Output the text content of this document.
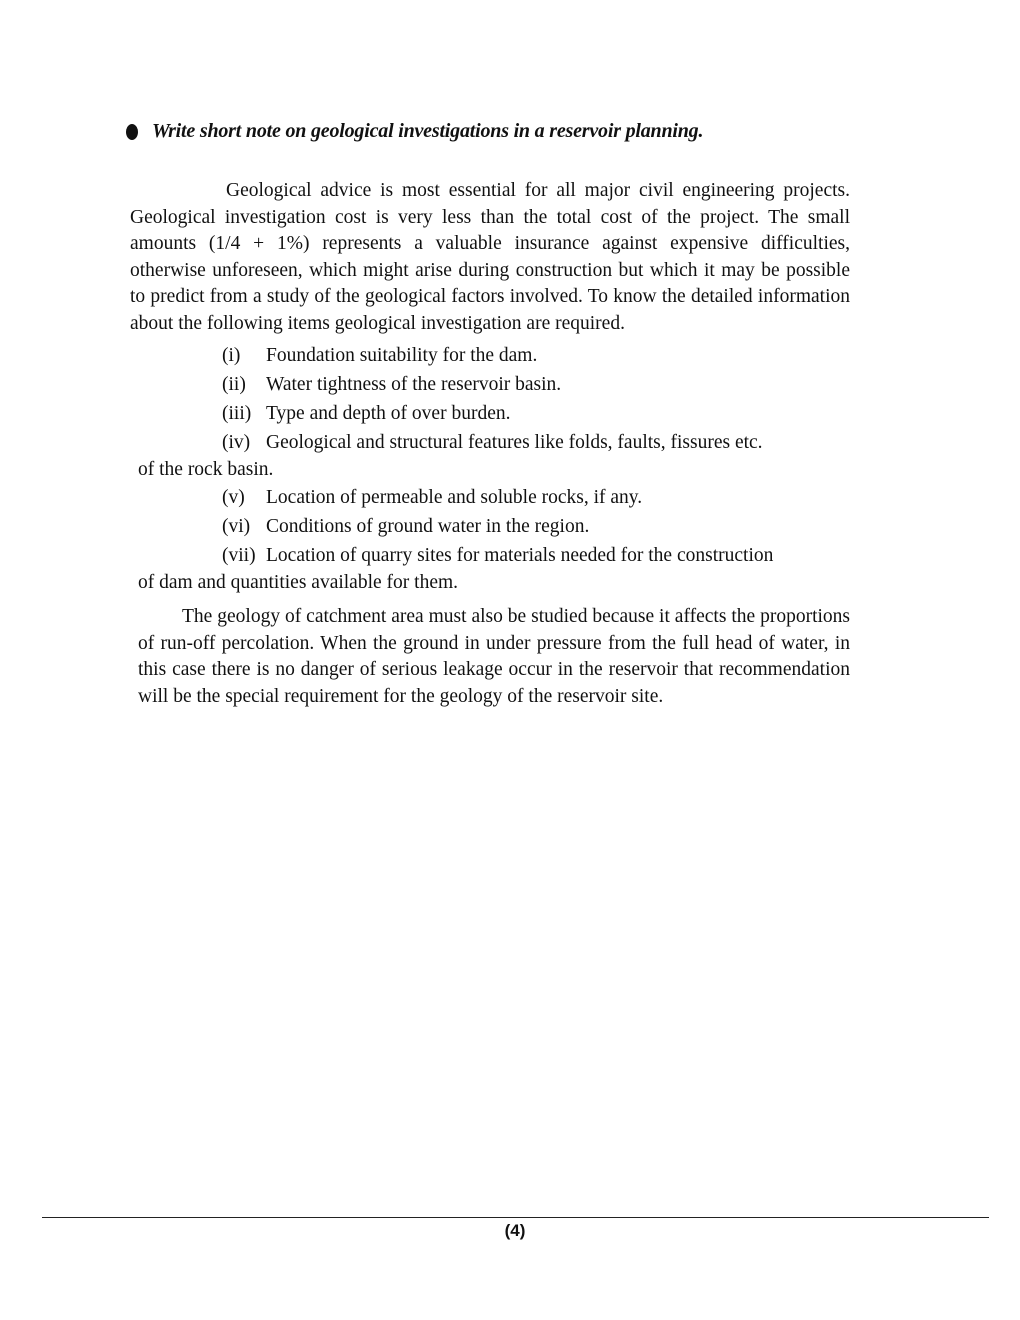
Write short note on geological investigations in a reservoir planning.

Geological advice is most essential for all major civil engineering projects. Geological investigation cost is very less than the total cost of the project. The small amounts (1/4 + 1%) represents a valuable insurance against expensive difficulties, otherwise unforeseen, which might arise during construction but which it may be possible to predict from a study of the geological factors involved. To know the detailed information about the following items geological investigation are required.

(i) Foundation suitability for the dam.
(ii) Water tightness of the reservoir basin.
(iii) Type and depth of over burden.
(iv) Geological and structural features like folds, faults, fissures etc.
of the rock basin.
(v) Location of permeable and soluble rocks, if any.
(vi) Conditions of ground water in the region.
(vii) Location of quarry sites for materials needed for the construction
of dam and quantities available for them.

The geology of catchment area must also be studied because it affects the proportions of run-off percolation. When the ground in under pressure from the full head of water, in this case there is no danger of serious leakage occur in the reservoir that recommendation will be the special requirement for the geology of the reservoir site.

(4)
